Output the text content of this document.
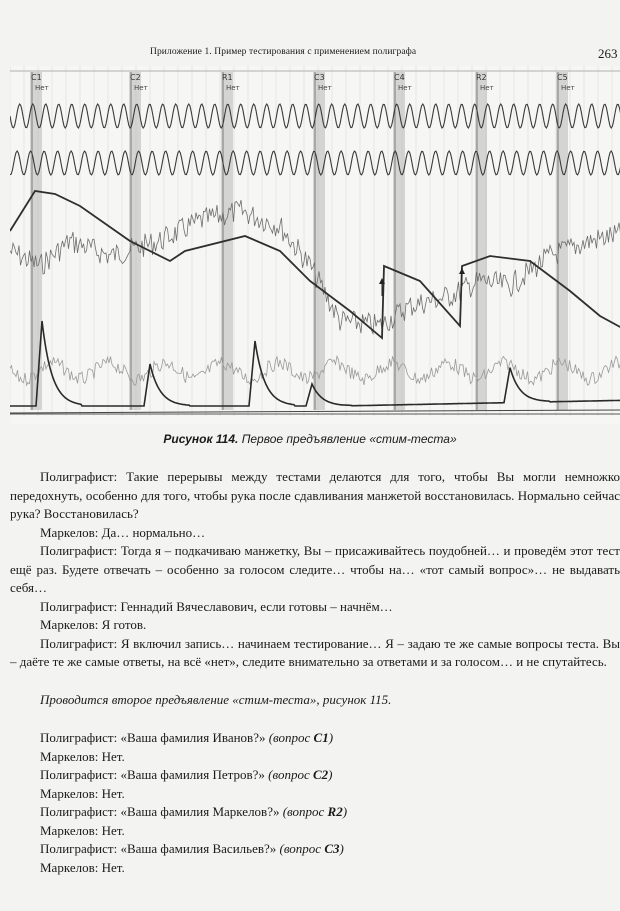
Приложение 1. Пример тестирования с применением полиграфа	263
C1
Нет
C2
Нет
R1
Нет
C3
Нет
C4
Нет
R2
Нет
C5
Нет
Рисунок 114. Первое предъявление «стим-теста»

Полиграфист: Такие перерывы между тестами делаются для того, чтобы Вы могли немножко передохнуть, особенно для того, чтобы рука после сдавливания манжетой восстановилась. Нормально сейчас рука? Восстановилась?

Маркелов: Да… нормально…

Полиграфист: Тогда я – подкачиваю манжетку, Вы – присаживайтесь поудобней… и проведём этот тест ещё раз. Будете отвечать – особенно за голосом следите… чтобы на… «тот самый вопрос»… не выдавать себя…

Полиграфист: Геннадий Вячеславович, если готовы – начнём…

Маркелов: Я готов.

Полиграфист: Я включил запись… начинаем тестирование… Я – задаю те же самые вопросы теста. Вы – даёте те же самые ответы, на всё «нет», следите внимательно за ответами и за голосом… и не спутайтесь.

Проводится второе предъявление «стим-теста», рисунок 115.

Полиграфист: «Ваша фамилия Иванов?» (вопрос C1)

Маркелов: Нет.

Полиграфист: «Ваша фамилия Петров?» (вопрос C2)

Маркелов: Нет.

Полиграфист: «Ваша фамилия Маркелов?» (вопрос R2)

Маркелов: Нет.

Полиграфист: «Ваша фамилия Васильев?» (вопрос C3)

Маркелов: Нет.
